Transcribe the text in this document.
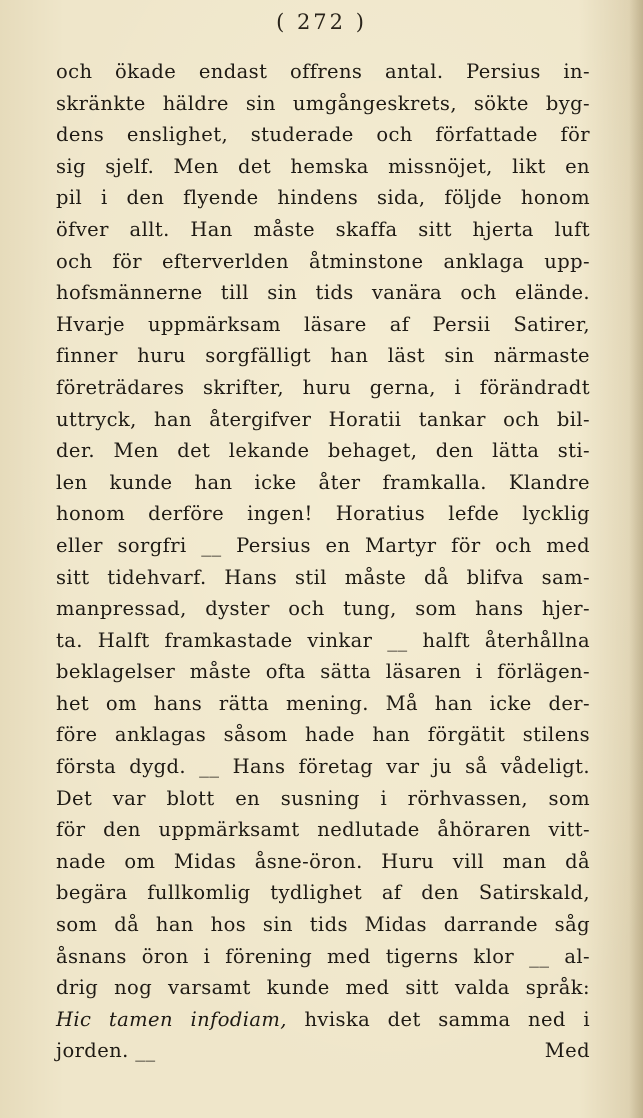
( 272 )
och ökade endast offrens antal. Persius in-
skränkte häldre sin umgångeskrets, sökte byg-
dens enslighet, studerade och författade för
sig sjelf. Men det hemska missnöjet, likt en
pil i den flyende hindens sida, följde honom
öfver allt. Han måste skaffa sitt hjerta luft
och för efterverlden åtminstone anklaga upp-
hofsmännerne till sin tids vanära och elände.
Hvarje uppmärksam läsare af Persii Satirer,
finner huru sorgfälligt han läst sin närmaste
företrädares skrifter, huru gerna, i förändradt
uttryck, han återgifver Horatii tankar och bil-
der. Men det lekande behaget, den lätta sti-
len kunde han icke åter framkalla. Klandre
honom derföre ingen! Horatius lefde lycklig
eller sorgfri __ Persius en Martyr för och med
sitt tidehvarf. Hans stil måste då blifva sam-
manpressad, dyster och tung, som hans hjer-
ta. Halft framkastade vinkar __ halft återhållna
beklagelser måste ofta sätta läsaren i förlägen-
het om hans rätta mening. Må han icke der-
före anklagas såsom hade han förgätit stilens
första dygd. __ Hans företag var ju så vådeligt.
Det var blott en susning i rörhvassen, som
för den uppmärksamt nedlutade åhöraren vitt-
nade om Midas åsne-öron. Huru vill man då
begära fullkomlig tydlighet af den Satirskald,
som då han hos sin tids Midas darrande såg
åsnans öron i förening med tigerns klor __ al-
drig nog varsamt kunde med sitt valda språk:
Hic tamen infodiam, hviska det samma ned i
jorden. __	Med
